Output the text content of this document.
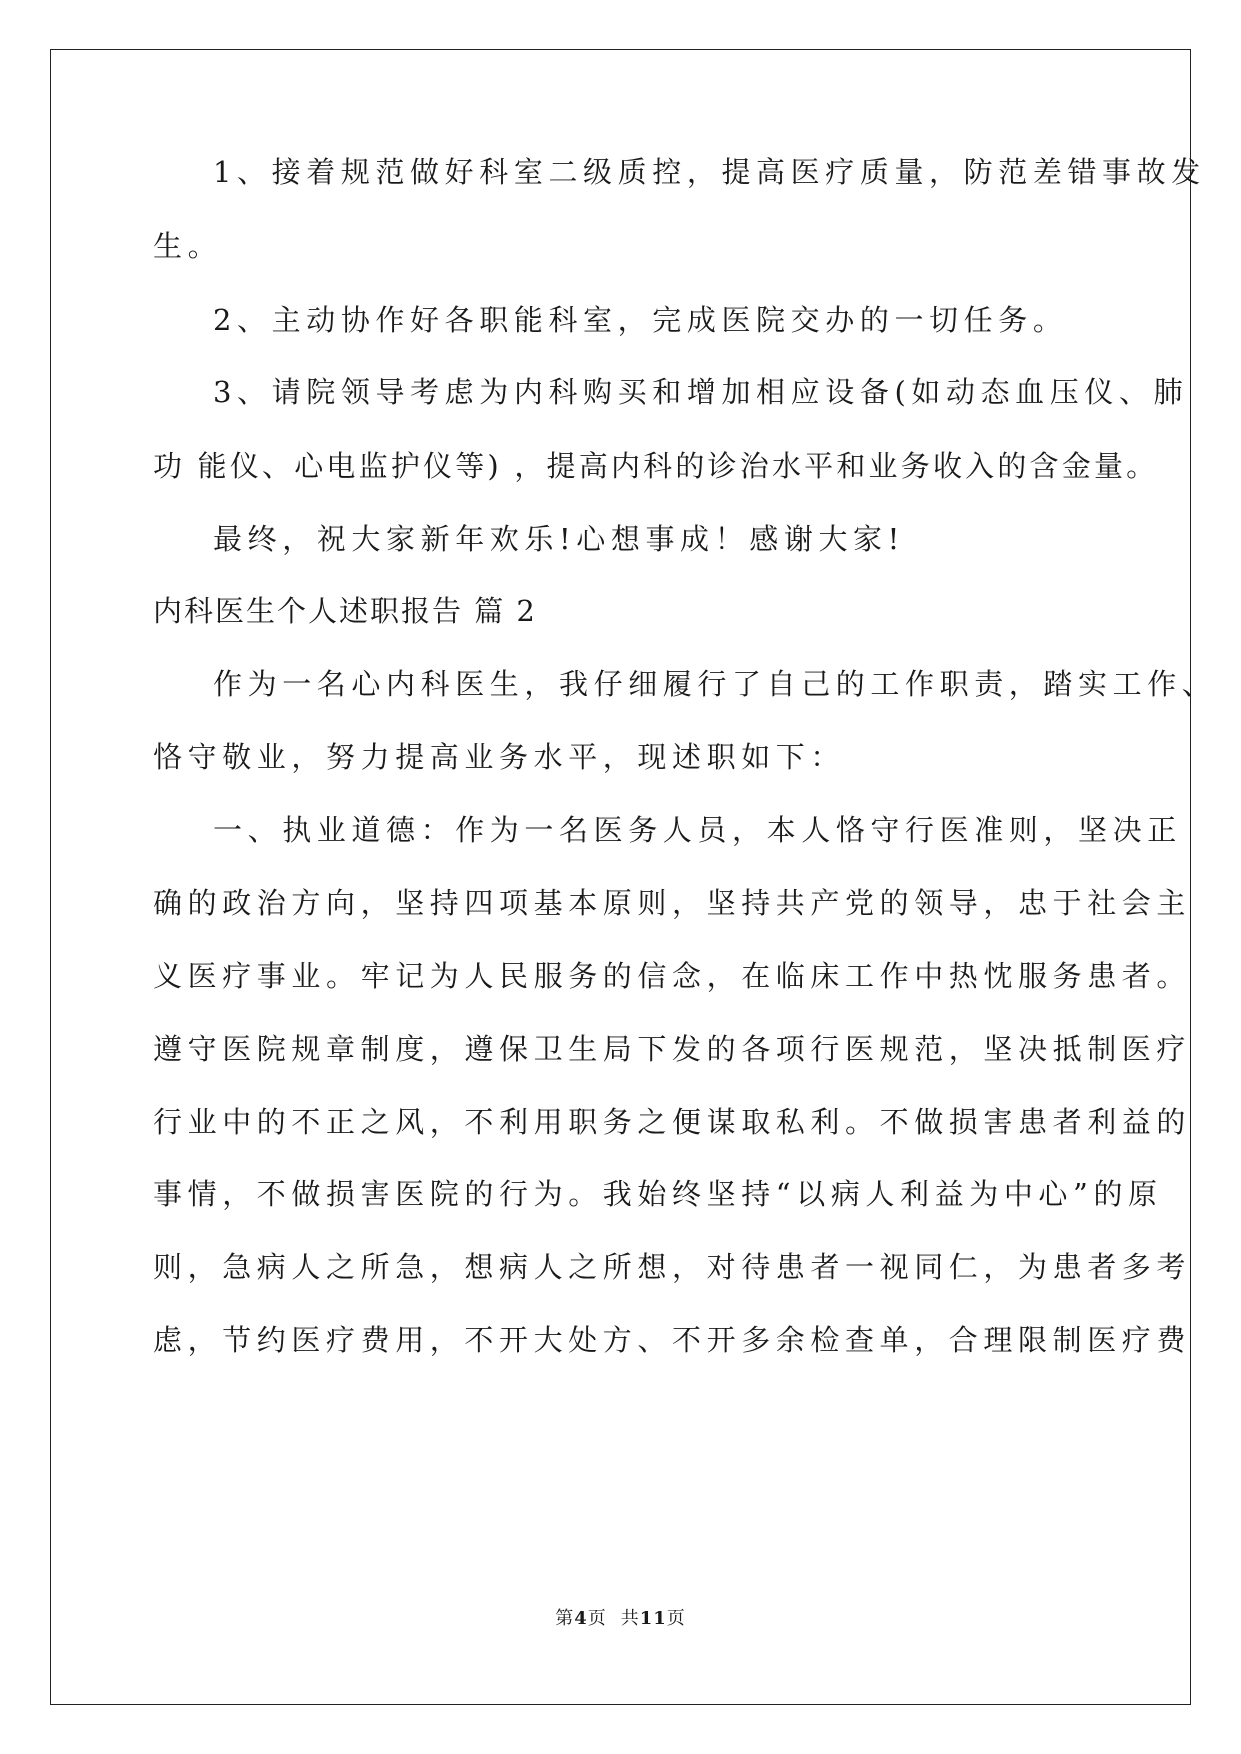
1、接着规范做好科室二级质控，提高医疗质量，防范差错事故发
生。
2、主动协作好各职能科室，完成医院交办的一切任务。
3、请院领导考虑为内科购买和增加相应设备(如动态血压仪、肺
功 能仪、心电监护仪等) ，提高内科的诊治水平和业务收入的含金量。
最终，祝大家新年欢乐!心想事成！感谢大家!
内科医生个人述职报告 篇 2
作为一名心内科医生，我仔细履行了自己的工作职责，踏实工作、
恪守敬业，努力提高业务水平，现述职如下：
一、执业道德：作为一名医务人员，本人恪守行医准则，坚决正
确的政治方向，坚持四项基本原则，坚持共产党的领导，忠于社会主
义医疗事业。牢记为人民服务的信念，在临床工作中热忱服务患者。
遵守医院规章制度，遵保卫生局下发的各项行医规范，坚决抵制医疗
行业中的不正之风，不利用职务之便谋取私利。不做损害患者利益的
事情，不做损害医院的行为。我始终坚持“以病人利益为中心”的原
则，急病人之所急，想病人之所想，对待患者一视同仁，为患者多考
虑，节约医疗费用，不开大处方、不开多余检查单，合理限制医疗费
第4页 共11页
